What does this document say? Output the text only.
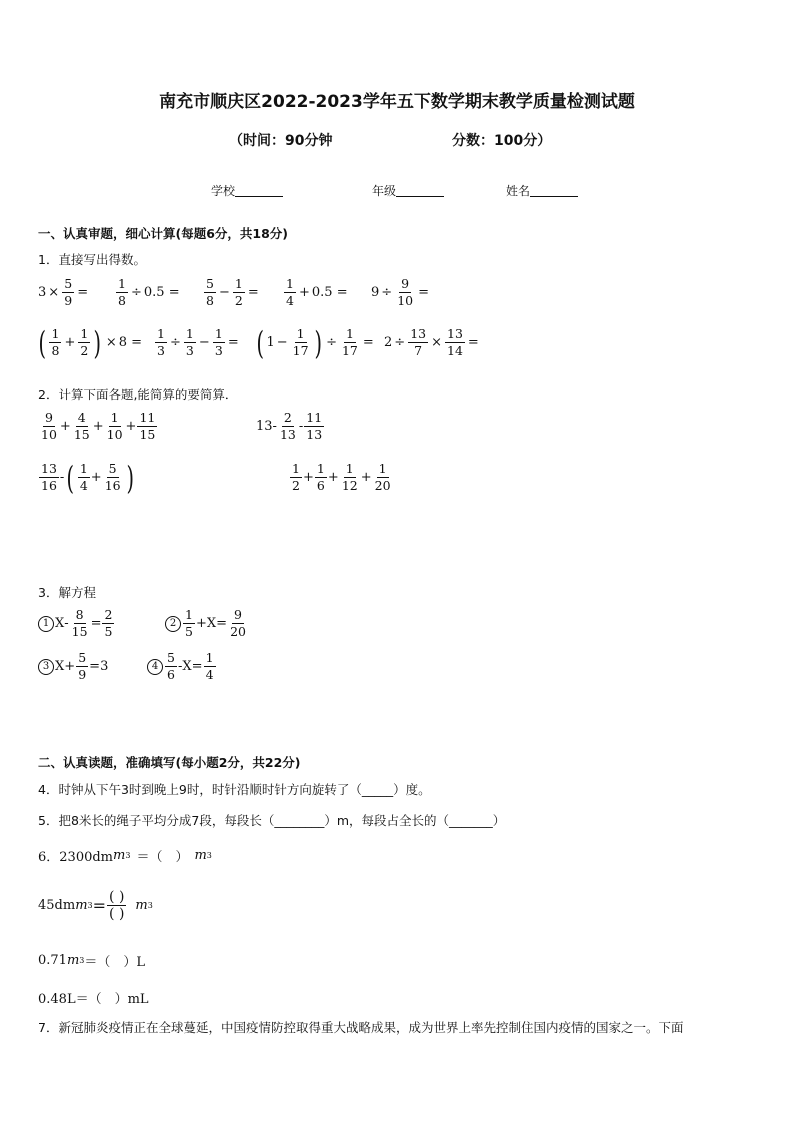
南充市顺庆区2022-2023学年五下数学期末教学质量检测试题
（时间：90分钟	分数：100分）
学校	年级	姓名
一、认真审题，细心计算(每题6分，共18分)
1．直接写出得数。
$3 \times \frac{5}{9} = \frac{1}{8} \div 0.5 = \frac{5}{8} - \frac{1}{2} = \frac{1}{4} + 0.5 = 9 \div \frac{9}{10}$ =
( $\frac{1}{8} + \frac{1}{2}$ ) × $8 = \frac{1}{3} \div \frac{1}{3} - \frac{1}{3}$ = ( $1 - \frac{1}{17}$ ) ÷ $\frac{1}{17} = 2 \div \frac{13}{7} \times \frac{13}{14}$ =
2．计算下面各题,能简算的要简算．
$\frac{9}{10} + \frac{4}{15} + \frac{1}{10} + \frac{11}{15}$	$13 - \frac{2}{13} - \frac{11}{13}$
$\frac{13}{16}$ - ( $\frac{1}{4} + \frac{5}{16}$ )	$\frac{1}{2} + \frac{1}{6} + \frac{1}{12} + \frac{1}{20}$
3．解方程
1 $X - \frac{8}{15} = \frac{2}{5}$	$2 \frac{1}{5} + X = \frac{9}{20}$
3 $X + \frac{5}{9} = 3$	$4 \frac{5}{6} - X = \frac{1}{4}$
二、认真读题，准确填写(每小题2分，共22分)
4．时钟从下午3时到晚上9时，时针沿顺时针方向旋转了（_____）度。
5．把8米长的绳子平均分成7段，每段长（________）m，每段占全长的（_______）
6．2300dm m 3 ＝（　） m 3
45dm m $3 = \frac{( )}{( )}$ m 3
0.71 m 3 ＝（　）L
0.48L＝（　）mL
7．新冠肺炎疫情正在全球蔓延，中国疫情防控取得重大战略成果，成为世界上率先控制住国内疫情的国家之一。下面
